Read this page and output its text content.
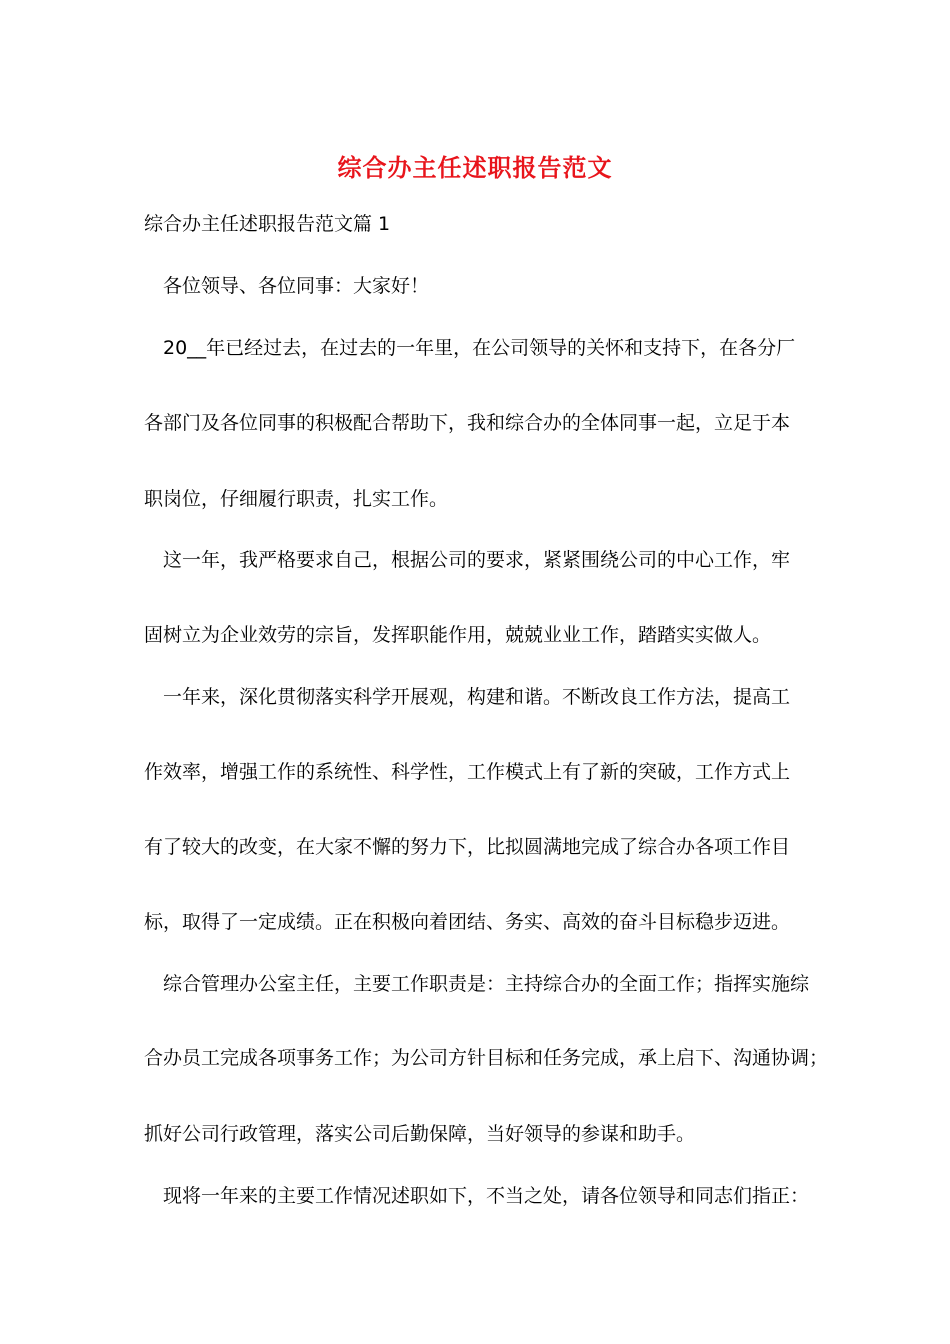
综合办主任述职报告范文
综合办主任述职报告范文篇 1
　各位领导、各位同事：大家好！
　20__年已经过去，在过去的一年里，在公司领导的关怀和支持下，在各分厂
各部门及各位同事的积极配合帮助下，我和综合办的全体同事一起，立足于本
职岗位，仔细履行职责，扎实工作。
　这一年，我严格要求自己，根据公司的要求，紧紧围绕公司的中心工作，牢
固树立为企业效劳的宗旨，发挥职能作用，兢兢业业工作，踏踏实实做人。
　一年来，深化贯彻落实科学开展观，构建和谐。不断改良工作方法，提高工
作效率，增强工作的系统性、科学性，工作模式上有了新的突破，工作方式上
有了较大的改变，在大家不懈的努力下，比拟圆满地完成了综合办各项工作目
标，取得了一定成绩。正在积极向着团结、务实、高效的奋斗目标稳步迈进。
　综合管理办公室主任，主要工作职责是：主持综合办的全面工作；指挥实施综
合办员工完成各项事务工作；为公司方针目标和任务完成，承上启下、沟通协调；
抓好公司行政管理，落实公司后勤保障，当好领导的参谋和助手。
　现将一年来的主要工作情况述职如下，不当之处，请各位领导和同志们指正：
